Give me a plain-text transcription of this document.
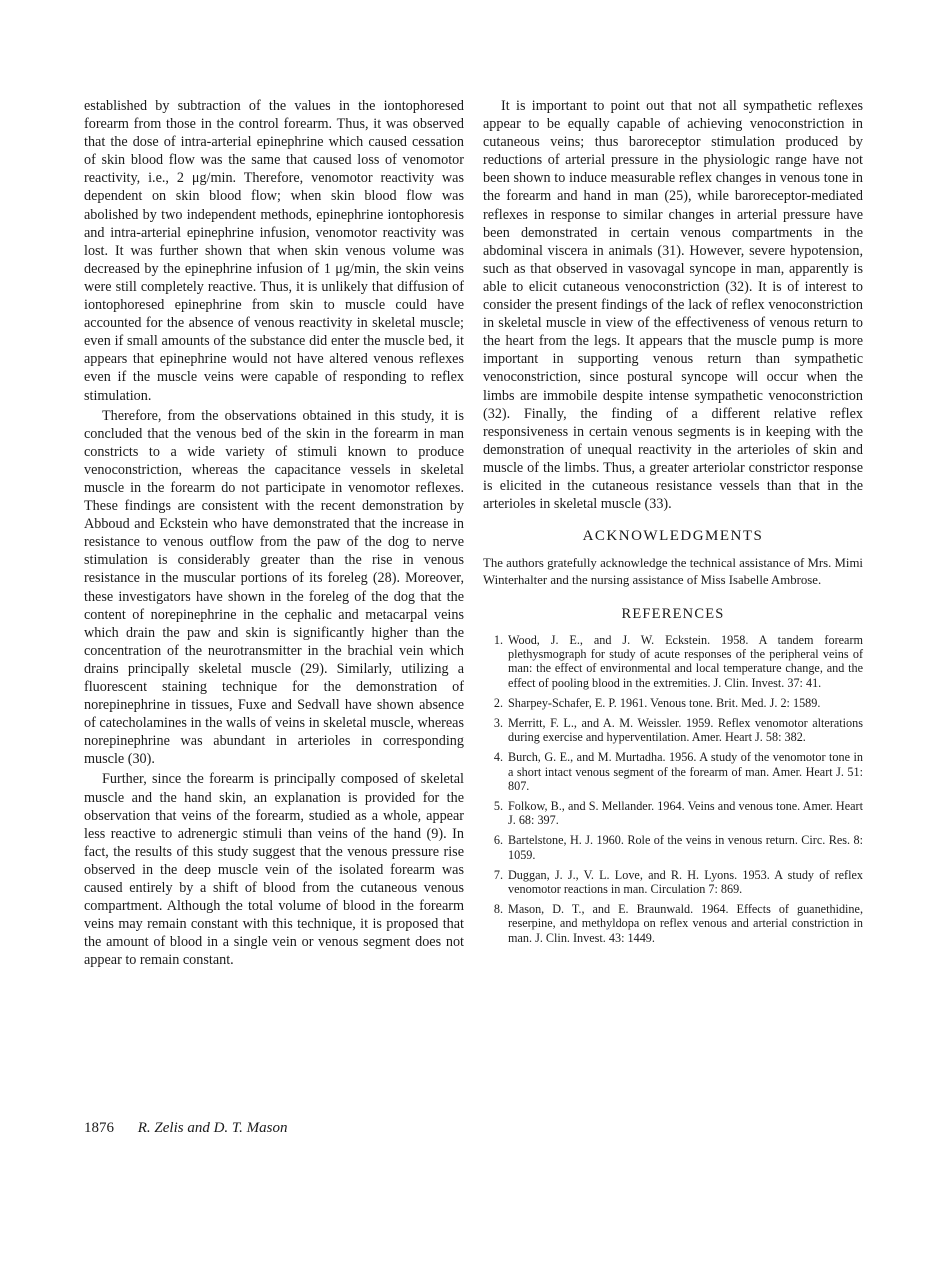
established by subtraction of the values in the iontophoresed forearm from those in the control forearm. Thus, it was observed that the dose of intra-arterial epinephrine which caused cessation of skin blood flow was the same that caused loss of venomotor reactivity, i.e., 2 μg/min. Therefore, venomotor reactivity was dependent on skin blood flow; when skin blood flow was abolished by two independent methods, epinephrine iontophoresis and intra-arterial epinephrine infusion, venomotor reactivity was lost. It was further shown that when skin venous volume was decreased by the epinephrine infusion of 1 μg/min, the skin veins were still completely reactive. Thus, it is unlikely that diffusion of iontophoresed epinephrine from skin to muscle could have accounted for the absence of venous reactivity in skeletal muscle; even if small amounts of the substance did enter the muscle bed, it appears that epinephrine would not have altered venous reflexes even if the muscle veins were capable of responding to reflex stimulation.

Therefore, from the observations obtained in this study, it is concluded that the venous bed of the skin in the forearm in man constricts to a wide variety of stimuli known to produce venoconstriction, whereas the capacitance vessels in skeletal muscle in the forearm do not participate in venomotor reflexes. These findings are consistent with the recent demonstration by Abboud and Eckstein who have demonstrated that the increase in resistance to venous outflow from the paw of the dog to nerve stimulation is considerably greater than the rise in venous resistance in the muscular portions of its foreleg (28). Moreover, these investigators have shown in the foreleg of the dog that the content of norepinephrine in the cephalic and metacarpal veins which drain the paw and skin is significantly higher than the concentration of the neurotransmitter in the brachial vein which drains principally skeletal muscle (29). Similarly, utilizing a fluorescent staining technique for the demonstration of norepinephrine in tissues, Fuxe and Sedvall have shown absence of catecholamines in the walls of veins in skeletal muscle, whereas norepinephrine was abundant in arterioles in corresponding muscle (30).

Further, since the forearm is principally composed of skeletal muscle and the hand skin, an explanation is provided for the observation that veins of the forearm, studied as a whole, appear less reactive to adrenergic stimuli than veins of the hand (9). In fact, the results of this study suggest that the venous pressure rise observed in the deep muscle vein of the isolated forearm was caused entirely by a shift of blood from the cutaneous venous compartment. Although the total volume of blood in the forearm veins may remain constant with this technique, it is proposed that the amount of blood in a single vein or venous segment does not appear to remain constant.

It is important to point out that not all sympathetic reflexes appear to be equally capable of achieving venoconstriction in cutaneous veins; thus baroreceptor stimulation produced by reductions of arterial pressure in the physiologic range have not been shown to induce measurable reflex changes in venous tone in the forearm and hand in man (25), while baroreceptor-mediated reflexes in response to similar changes in arterial pressure have been demonstrated in certain venous compartments in the abdominal viscera in animals (31). However, severe hypotension, such as that observed in vasovagal syncope in man, apparently is able to elicit cutaneous venoconstriction (32). It is of interest to consider the present findings of the lack of reflex venoconstriction in skeletal muscle in view of the effectiveness of venous return to the heart from the legs. It appears that the muscle pump is more important in supporting venous return than sympathetic venoconstriction, since postural syncope will occur when the limbs are immobile despite intense sympathetic venoconstriction (32). Finally, the finding of a different relative reflex responsiveness in certain venous segments is in keeping with the demonstration of unequal reactivity in the arterioles of skin and muscle of the limbs. Thus, a greater arteriolar constrictor response is elicited in the cutaneous resistance vessels than that in the arterioles in skeletal muscle (33).

ACKNOWLEDGMENTS

The authors gratefully acknowledge the technical assistance of Mrs. Mimi Winterhalter and the nursing assistance of Miss Isabelle Ambrose.

REFERENCES
1. Wood, J. E., and J. W. Eckstein. 1958. A tandem forearm plethysmograph for study of acute responses of the peripheral veins of man: the effect of environmental and local temperature change, and the effect of pooling blood in the extremities. J. Clin. Invest. 37: 41.
2. Sharpey-Schafer, E. P. 1961. Venous tone. Brit. Med. J. 2: 1589.
3. Merritt, F. L., and A. M. Weissler. 1959. Reflex venomotor alterations during exercise and hyperventilation. Amer. Heart J. 58: 382.
4. Burch, G. E., and M. Murtadha. 1956. A study of the venomotor tone in a short intact venous segment of the forearm of man. Amer. Heart J. 51: 807.
5. Folkow, B., and S. Mellander. 1964. Veins and venous tone. Amer. Heart J. 68: 397.
6. Bartelstone, H. J. 1960. Role of the veins in venous return. Circ. Res. 8: 1059.
7. Duggan, J. J., V. L. Love, and R. H. Lyons. 1953. A study of reflex venomotor reactions in man. Circulation 7: 869.
8. Mason, D. T., and E. Braunwald. 1964. Effects of guanethidine, reserpine, and methyldopa on reflex venous and arterial constriction in man. J. Clin. Invest. 43: 1449.
1876 R. Zelis and D. T. Mason
